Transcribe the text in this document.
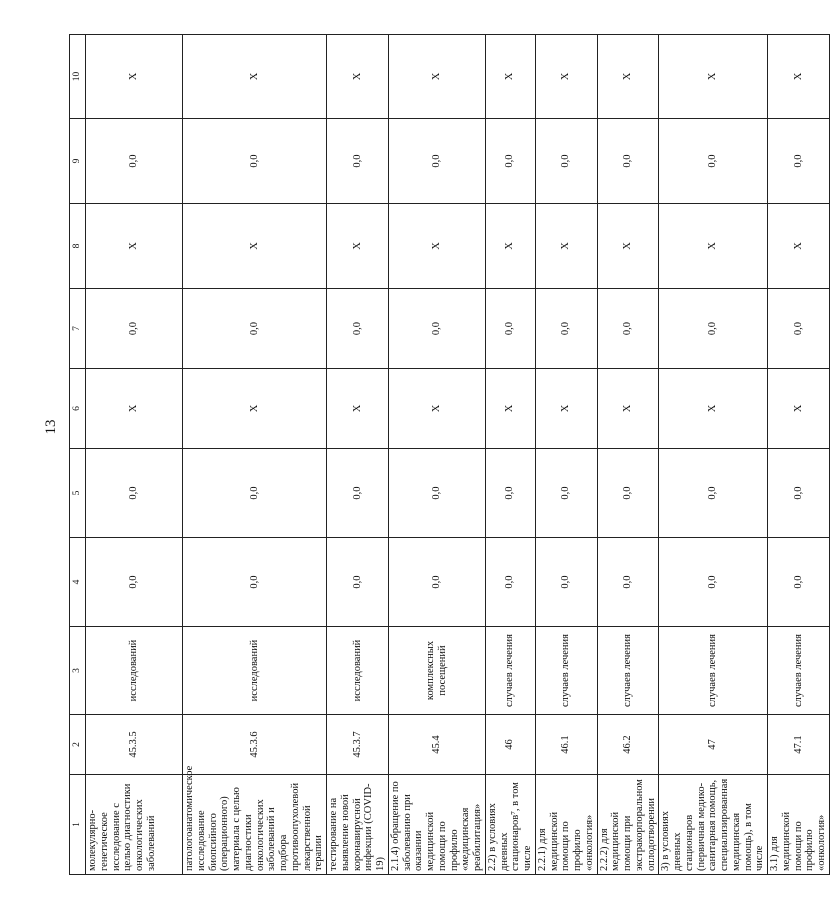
13
1	2	3	4	5	6	7	8	9	10
молекулярно-генетическое исследование с целью диагностики онкологических заболеваний	45.3.5	исследований	0,0	0,0	X	0,0	X	0,0	X
патологоанатомическое исследование биопсийного (операционного) материала с целью диагностики онкологических заболеваний и подбора противоопухолевой лекарственной терапии	45.3.6	исследований	0,0	0,0	X	0,0	X	0,0	X
тестирование на выявление новой коронавирусной инфекции (COVID-19)	45.3.7	исследований	0,0	0,0	X	0,0	X	0,0	X
2.1.4) обращение по заболеванию при оказании медицинской помощи по профилю «медицинская реабилитация»	45.4	комплексных посещений	0,0	0,0	X	0,0	X	0,0	X
2.2) в условиях дневных стационаров⁷, в том числе	46	случаев лечения	0,0	0,0	X	0,0	X	0,0	X
2.2.1) для медицинской помощи по профилю «онкология»	46.1	случаев лечения	0,0	0,0	X	0,0	X	0,0	X
2.2.2) для медицинской помощи при экстракорпоральном оплодотворении	46.2	случаев лечения	0,0	0,0	X	0,0	X	0,0	X
3) в условиях дневных стационаров (первичная медико-санитарная помощь, специализированная медицинская помощь), в том числе	47	случаев лечения	0,0	0,0	X	0,0	X	0,0	X
3.1) для медицинской помощи по профилю «онкология»	47.1	случаев лечения	0,0	0,0	X	0,0	X	0,0	X
